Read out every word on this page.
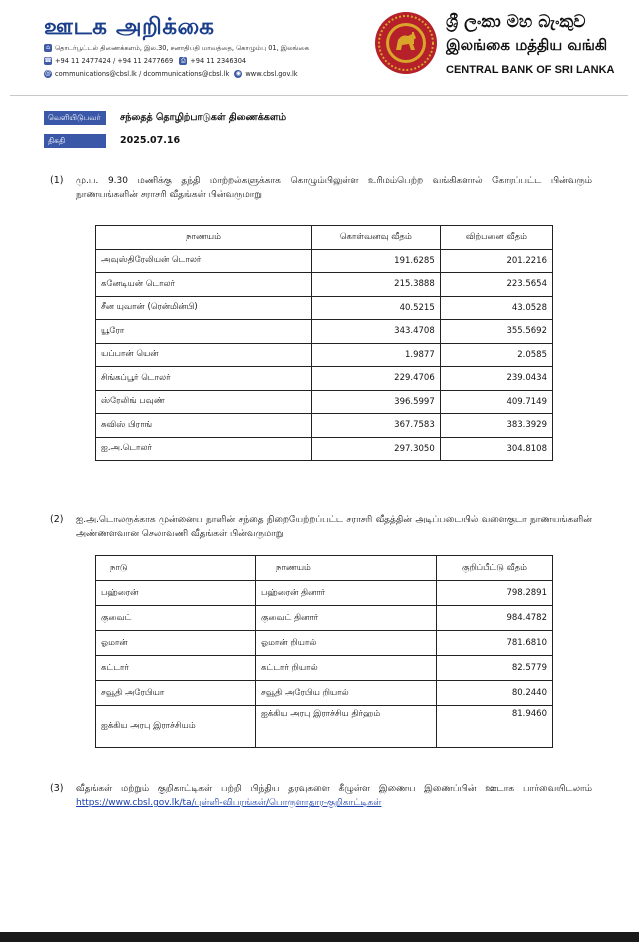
ஊடக அறிக்கை
⌂ தொடர்பூட்டல் திணைக்களம், இல.30, சனாதிபதி மாவத்தை, கொழும்பு 01, இலங்கை
☎ +94 11 2477424 / +94 11 2477669 ⎙ +94 11 2346304
@ communications@cbsl.lk / dcommunications@cbsl.lk ◉ www.cbsl.gov.lk
ශ්‍රී ලංකා මහ බැංකුව
இலங்கை மத்திய வங்கி
CENTRAL BANK OF SRI LANKA
வெளியிடுபவர்	சந்தைத் தொழிற்பாடுகள் திணைக்களம்
திகதி	2025.07.16
(1) மு.ப. 9.30 மணிக்கு தந்தி மாற்றல்களுக்காக கொழும்பிலுள்ள உரிமம்பெற்ற வங்கிகளால் கோரப்பட்ட பின்வரும் நாணயங்களின் சராசரி வீதங்கள் பின்வருமாறு
நாணயம்	கொள்வனவு வீதம்	விற்பனை வீதம்
அவுஸ்திரேலியன் டொலர்	191.6285	201.2216
கனேடியன் டொலர்	215.3888	223.5654
சீன யுவான் (ரென்மின்பி)	40.5215	43.0528
யூரோ	343.4708	355.5692
யப்பான் யென்	1.9877	2.0585
சிங்கப்பூர் டொலர்	229.4706	239.0434
ஸ்ரேலிங் பவுண்	396.5997	409.7149
சுவிஸ் பிராங்	367.7583	383.3929
ஐ.அ.டொலர்	297.3050	304.8108
(2) ஐ.அ.டொலருக்காக முன்னைய நாளின் சந்தை நிறையேற்றப்பட்ட சராசரி வீதத்தின் அடிப்படையில் வளைகுடா நாணயங்களின் அண்ணளவான செலாவணி வீதங்கள் பின்வருமாறு
நாடு	நாணயம்	குறிப்பீட்டு வீதம்
பஹ்ரைன்	பஹ்ரைன் தினார்	798.2891
குவைட்	குவைட் தினார்	984.4782
ஓமான்	ஓமான் றியால்	781.6810
கட்டார்	கட்டார் றியால்	82.5779
சவூதி அரேபியா	சவூதி அரேபிய றியால்	80.2440
ஐக்கிய அரபு இராச்சியம்	ஐக்கிய அரபு இராச்சிய திர்ஹம்	81.9460
(3) வீதங்கள் மற்றும் குறிகாட்டிகள் பற்றி பிந்திய தரவுகளை கீழுள்ள இணைய இணைப்பின் ஊடாக பார்வையிடலாம் https://www.cbsl.gov.lk/ta/புள்ளி-விபரங்கள்/பொருளாதார-குறிகாட்டிகள்
